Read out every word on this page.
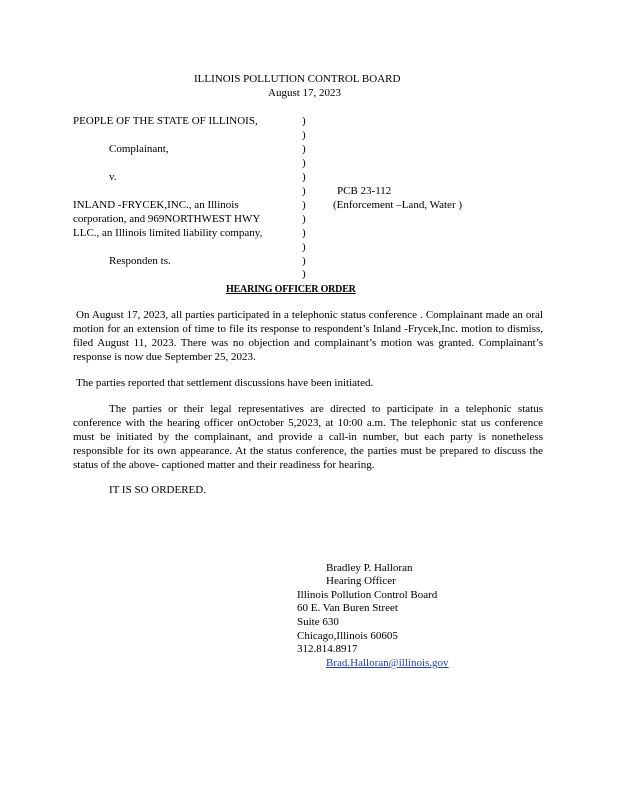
ILLINOIS POLLUTION CONTROL BOARD
August 17, 2023
PEOPLE OF THE STATE OF ILLINOIS,
Complainant,
v.
INLAND -FRYCEK,INC., an Illinois
corporation, and 969NORTHWEST HWY
LLC., an Illinois limited liability company,
Responden ts.
)
)
)
)
)
)
)
)
)
)
)
)
PCB 23-112
(Enforcement –Land, Water )
HEARING OFFICER ORDER
On August 17, 2023, all parties participated in a telephonic status conference . Complainant made an oral motion for an extension of time to file its response to respondent’s Inland -Frycek,Inc. motion to dismiss, filed August 11, 2023. There was no objection and complainant’s motion was granted. Complainant’s response is now due September 25, 2023.
The parties reported that settlement discussions have been initiated.
The parties or their legal representatives are directed to participate in a telephonic status conference with the hearing officer onOctober 5,2023, at 10:00 a.m. The telephonic stat us conference must be initiated by the complainant, and provide a call-in number, but each party is nonetheless responsible for its own appearance. At the status conference, the parties must be prepared to discuss the status of the above- captioned matter and their readiness for hearing.
IT IS SO ORDERED.
Bradley P. Halloran
Hearing Officer
Illinois Pollution Control Board
60 E. Van Buren Street
Suite 630
Chicago,Illinois 60605
312.814.8917
Brad.Halloran@illinois.gov
